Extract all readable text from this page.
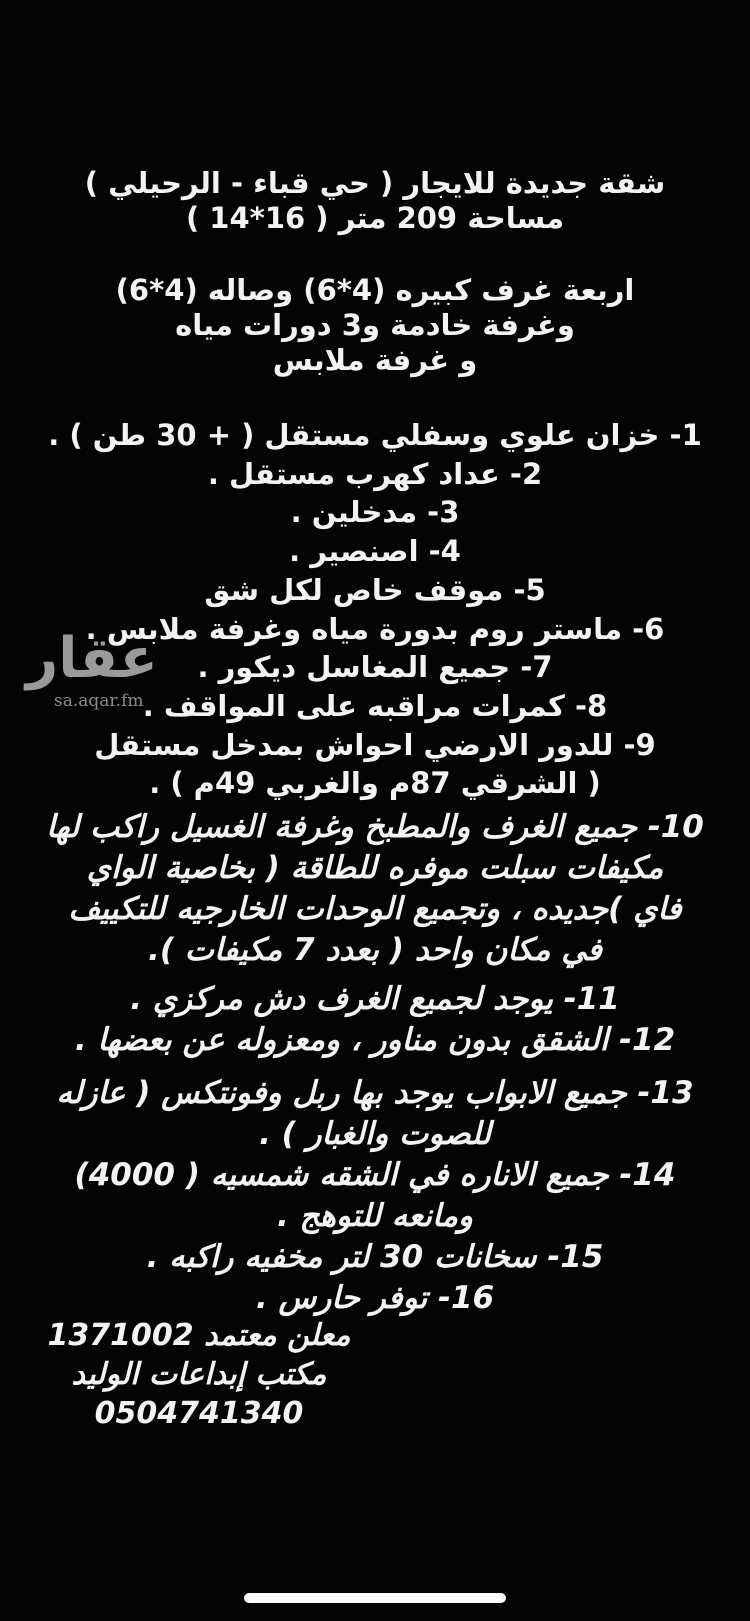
شقة جديدة للايجار ( حي قباء - الرحيلي )
مساحة 209 متر ( 16*14 )
اربعة غرف كبيره (4*6) وصاله (4*6)
وغرفة خادمة و3 دورات مياه
و غرفة ملابس
1- خزان علوي وسفلي مستقل ( + 30 طن ) .
2- عداد كهرب مستقل .
3- مدخلين .
4- اصنصير .
5- موقف خاص لكل شق
6- ماستر روم بدورة مياه وغرفة ملابس .
7- جميع المغاسل ديكور .
8- كمرات مراقبه على المواقف .
9- للدور الارضي احواش بمدخل مستقل
( الشرقي 87م والغربي 49م ) .
10- جميع الغرف والمطبخ وغرفة الغسيل راكب لها
مكيفات سبلت موفره للطاقة ( بخاصية الواي
فاي )جديده ، وتجميع الوحدات الخارجيه للتكييف
في مكان واحد ( بعدد 7 مكيفات ).
11- يوجد لجميع الغرف دش مركزي .
12- الشقق بدون مناور ، ومعزوله عن بعضها .
13- جميع الابواب يوجد بها ربل وفونتكس ( عازله
للصوت والغبار ) .
14- جميع الاناره في الشقه شمسيه ( 4000)
ومانعه للتوهج .
15- سخانات 30 لتر مخفيه راكبه .
16- توفر حارس .
معلن معتمد 1371002
مكتب إبداعات الوليد
0504741340
عقار
sa.aqar.fm
